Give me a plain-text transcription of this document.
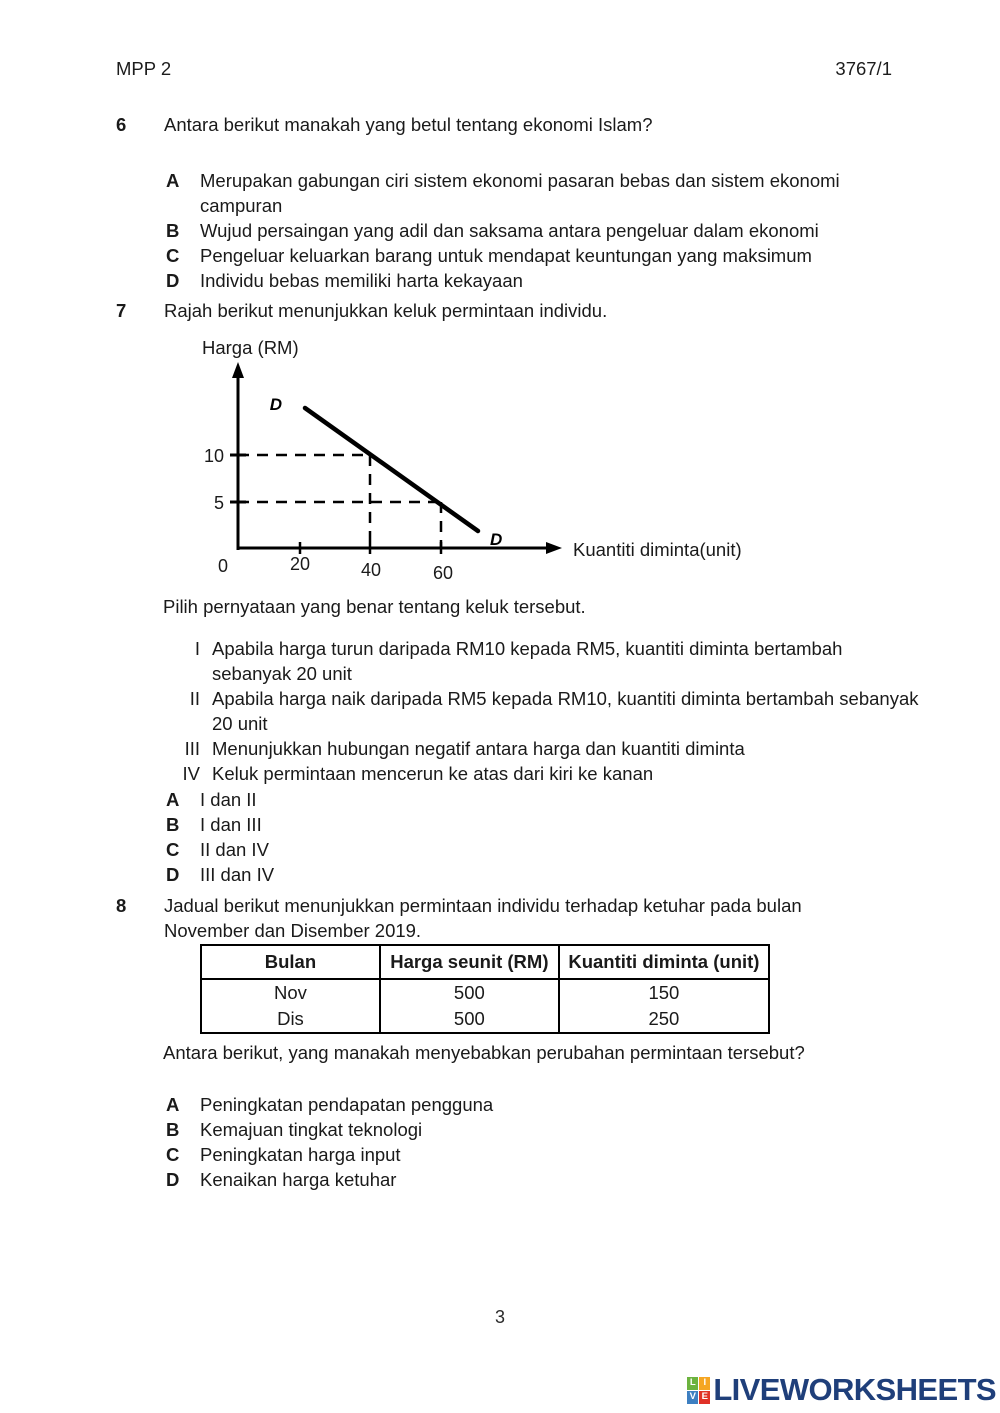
MPP 2	3767/1
6	Antara berikut manakah yang betul tentang ekonomi Islam?
A	Merupakan gabungan ciri sistem ekonomi pasaran bebas dan sistem ekonomi campuran
B	Wujud persaingan yang adil dan saksama antara pengeluar dalam ekonomi
C	Pengeluar keluarkan barang untuk mendapat keuntungan yang maksimum
D	Individu bebas memiliki harta kekayaan
7	Rajah berikut menunjukkan keluk permintaan individu.
Harga (RM)
D
D
10
5
0	20	40	60
Kuantiti diminta(unit)
Pilih pernyataan yang benar tentang keluk tersebut.
I Apabila harga turun daripada RM10 kepada RM5, kuantiti diminta bertambah sebanyak 20 unit
II Apabila harga naik daripada RM5 kepada RM10, kuantiti diminta bertambah sebanyak 20 unit
III Menunjukkan hubungan negatif antara harga dan kuantiti diminta
IV Keluk permintaan mencerun ke atas dari kiri ke kanan
A	I dan II
B	I dan III
C	II dan IV
D	III dan IV
8	Jadual berikut menunjukkan permintaan individu terhadap ketuhar pada bulan November dan Disember 2019.
Bulan	Harga seunit (RM)	Kuantiti diminta (unit)
Nov	500	150
Dis	500	250
Antara berikut, yang manakah menyebabkan perubahan permintaan tersebut?
A	Peningkatan pendapatan pengguna
B	Kemajuan tingkat teknologi
C	Peningkatan harga input
D	Kenaikan harga ketuhar
3
L I
V E LIVEWORKSHEETS
